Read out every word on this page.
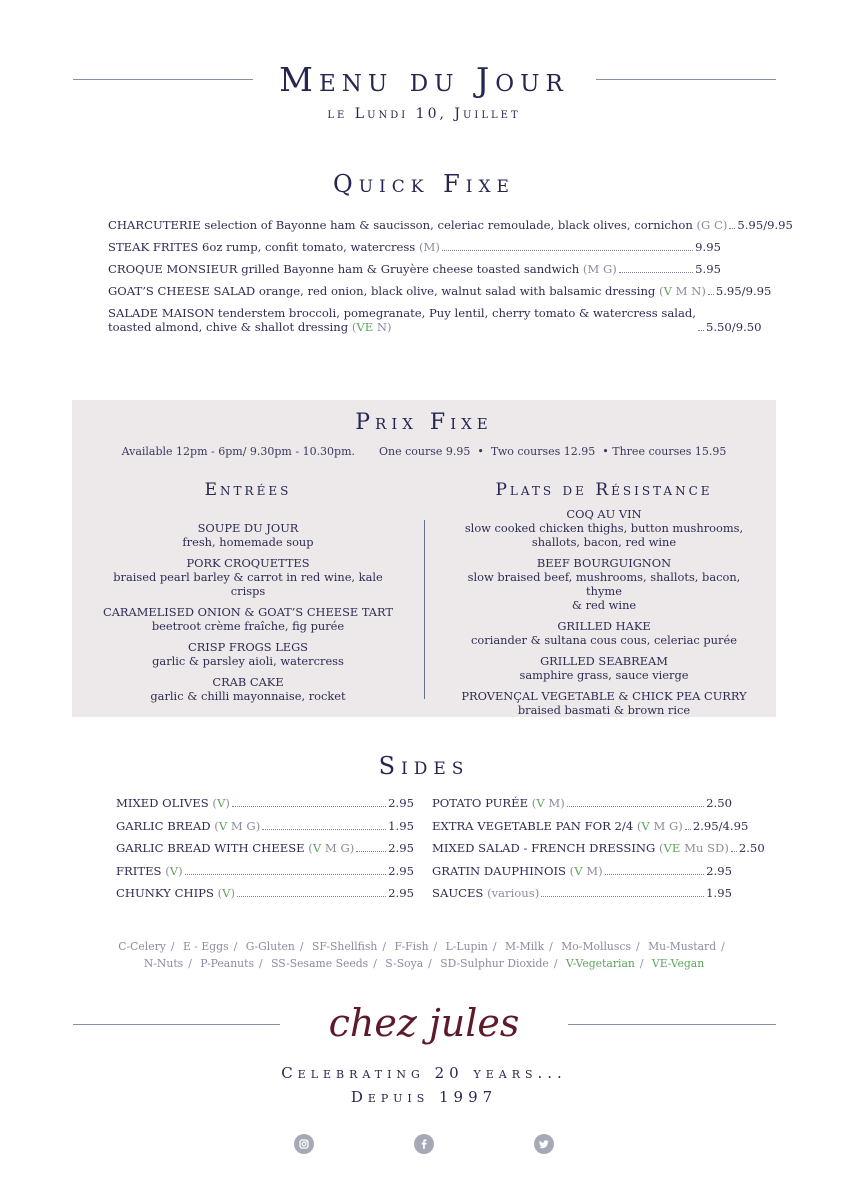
Menu du Jour
le Lundi 10, Juillet
Quick Fixe
CHARCUTERIE selection of Bayonne ham & saucisson, celeriac remoulade, black olives, cornichon (G C) 5.95/9.95
STEAK FRITES 6oz rump, confit tomato, watercress (M)	9.95
CROQUE MONSIEUR grilled Bayonne ham & Gruyère cheese toasted sandwich (M G)	5.95
GOAT’S CHEESE SALAD orange, red onion, black olive, walnut salad with balsamic dressing (V M N) 5.95/9.95
SALADE MAISON tenderstem broccoli, pomegranate, Puy lentil, cherry tomato & watercress salad,
toasted almond, chive & shallot dressing (VE N)	5.50/9.50
Prix Fixe
Available 12pm - 6pm/ 9.30pm - 10.30pm. One course 9.95  •  Two courses 12.95  • Three courses 15.95
Entrées	Plats de Résistance
SOUPE DU JOUR
fresh, homemade soup
PORK CROQUETTES
braised pearl barley & carrot in red wine, kale crisps
CARAMELISED ONION & GOAT’S CHEESE TART
beetroot crème fraîche, fig purée
CRISP FROGS LEGS
garlic & parsley aioli, watercress
CRAB CAKE
garlic & chilli mayonnaise, rocket
COQ AU VIN
slow cooked chicken thighs, button mushrooms,
shallots, bacon, red wine
BEEF BOURGUIGNON
slow braised beef, mushrooms, shallots, bacon, thyme
& red wine
GRILLED HAKE
coriander & sultana cous cous, celeriac purée
GRILLED SEABREAM
samphire grass, sauce vierge
PROVENÇAL VEGETABLE & CHICK PEA CURRY
braised basmati & brown rice
Sides
MIXED OLIVES (V)	2.95
GARLIC BREAD (V M G)	1.95
GARLIC BREAD WITH CHEESE (V M G)	2.95
FRITES (V)	2.95
CHUNKY CHIPS (V)	2.95
POTATO PURÉE (V M)	2.50
EXTRA VEGETABLE PAN FOR 2/4 (V M G) 2.95/4.95
MIXED SALAD - FRENCH DRESSING (VE Mu SD) 2.50
GRATIN DAUPHINOIS (V M)	2.95
SAUCES (various)	1.95
C-Celery / E - Eggs / G-Gluten / SF-Shellfish / F-Fish / L-Lupin / M-Milk / Mo-Molluscs / Mu-Mustard /
N-Nuts / P-Peanuts / SS-Sesame Seeds / S-Soya / SD-Sulphur Dioxide / V-Vegetarian / VE-Vegan
chez jules
Celebrating 20 years...
Depuis 1997
